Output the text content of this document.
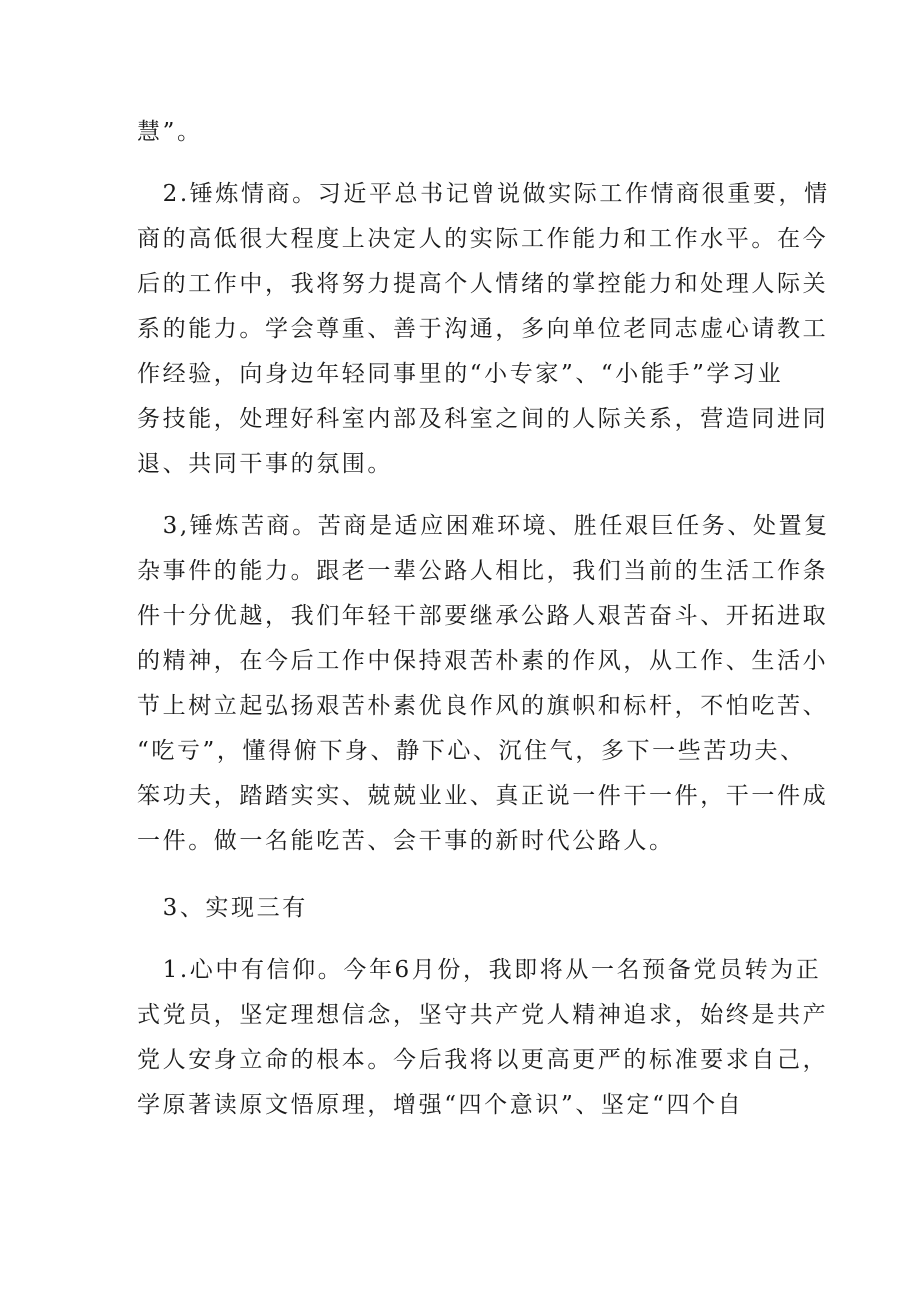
慧”。
　2.锤炼情商。习近平总书记曾说做实际工作情商很重要，情
商的高低很大程度上决定人的实际工作能力和工作水平。在今
后的工作中，我将努力提高个人情绪的掌控能力和处理人际关
系的能力。学会尊重、善于沟通，多向单位老同志虚心请教工
作经验，向身边年轻同事里的“小专家”、“小能手”学习业
务技能，处理好科室内部及科室之间的人际关系，营造同进同
退、共同干事的氛围。
　3,锤炼苦商。苦商是适应困难环境、胜任艰巨任务、处置复
杂事件的能力。跟老一辈公路人相比，我们当前的生活工作条
件十分优越，我们年轻干部要继承公路人艰苦奋斗、开拓进取
的精神，在今后工作中保持艰苦朴素的作风，从工作、生活小
节上树立起弘扬艰苦朴素优良作风的旗帜和标杆，不怕吃苦、
“吃亏”，懂得俯下身、静下心、沉住气，多下一些苦功夫、
笨功夫，踏踏实实、兢兢业业、真正说一件干一件，干一件成
一件。做一名能吃苦、会干事的新时代公路人。
　3、实现三有
　1.心中有信仰。今年6月份，我即将从一名预备党员转为正
式党员，坚定理想信念，坚守共产党人精神追求，始终是共产
党人安身立命的根本。今后我将以更高更严的标准要求自己，
学原著读原文悟原理，增强“四个意识”、坚定“四个自
